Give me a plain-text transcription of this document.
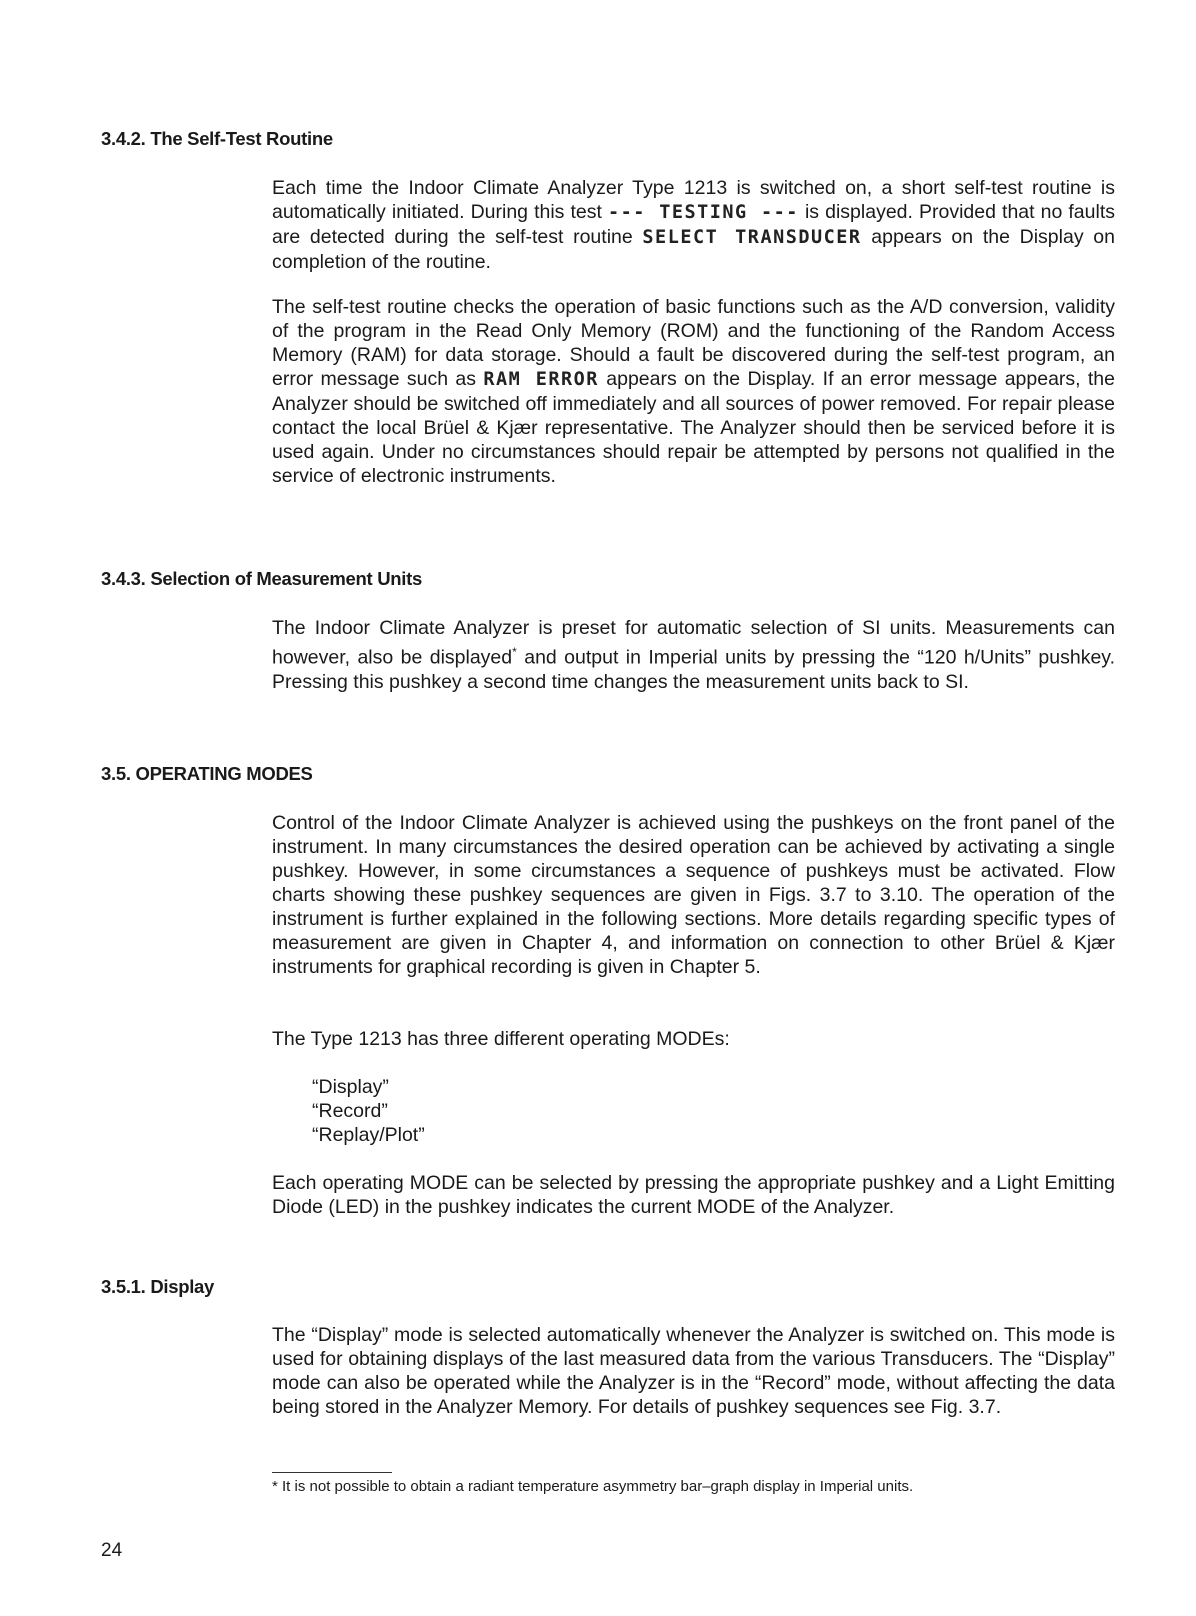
3.4.2. The Self-Test Routine

Each time the Indoor Climate Analyzer Type 1213 is switched on, a short self-test routine is automatically initiated. During this test --- TESTING --- is displayed. Provided that no faults are detected during the self-test routine SELECT TRANSDUCER appears on the Display on completion of the routine.

The self-test routine checks the operation of basic functions such as the A/D conversion, validity of the program in the Read Only Memory (ROM) and the functioning of the Random Access Memory (RAM) for data storage. Should a fault be discovered during the self-test program, an error message such as RAM ERROR appears on the Display. If an error message appears, the Analyzer should be switched off immediately and all sources of power removed. For repair please contact the local Brüel & Kjær representative. The Analyzer should then be serviced before it is used again. Under no circumstances should repair be attempted by persons not qualified in the service of electronic instruments.

3.4.3. Selection of Measurement Units

The Indoor Climate Analyzer is preset for automatic selection of SI units. Measurements can however, also be displayed* and output in Imperial units by pressing the “120 h/Units” pushkey. Pressing this pushkey a second time changes the measurement units back to SI.

3.5. OPERATING MODES

Control of the Indoor Climate Analyzer is achieved using the pushkeys on the front panel of the instrument. In many circumstances the desired operation can be achieved by activating a single pushkey. However, in some circumstances a sequence of pushkeys must be activated. Flow charts showing these pushkey sequences are given in Figs. 3.7 to 3.10. The operation of the instrument is further explained in the following sections. More details regarding specific types of measurement are given in Chapter 4, and information on connection to other Brüel & Kjær instruments for graphical recording is given in Chapter 5.

The Type 1213 has three different operating MODEs:

“Display”
“Record”
“Replay/Plot”

Each operating MODE can be selected by pressing the appropriate pushkey and a Light Emitting Diode (LED) in the pushkey indicates the current MODE of the Analyzer.

3.5.1. Display

The “Display” mode is selected automatically whenever the Analyzer is switched on. This mode is used for obtaining displays of the last measured data from the various Transducers. The “Display” mode can also be operated while the Analyzer is in the “Record” mode, without affecting the data being stored in the Analyzer Memory. For details of pushkey sequences see Fig. 3.7.

* It is not possible to obtain a radiant temperature asymmetry bar–graph display in Imperial units.
24
